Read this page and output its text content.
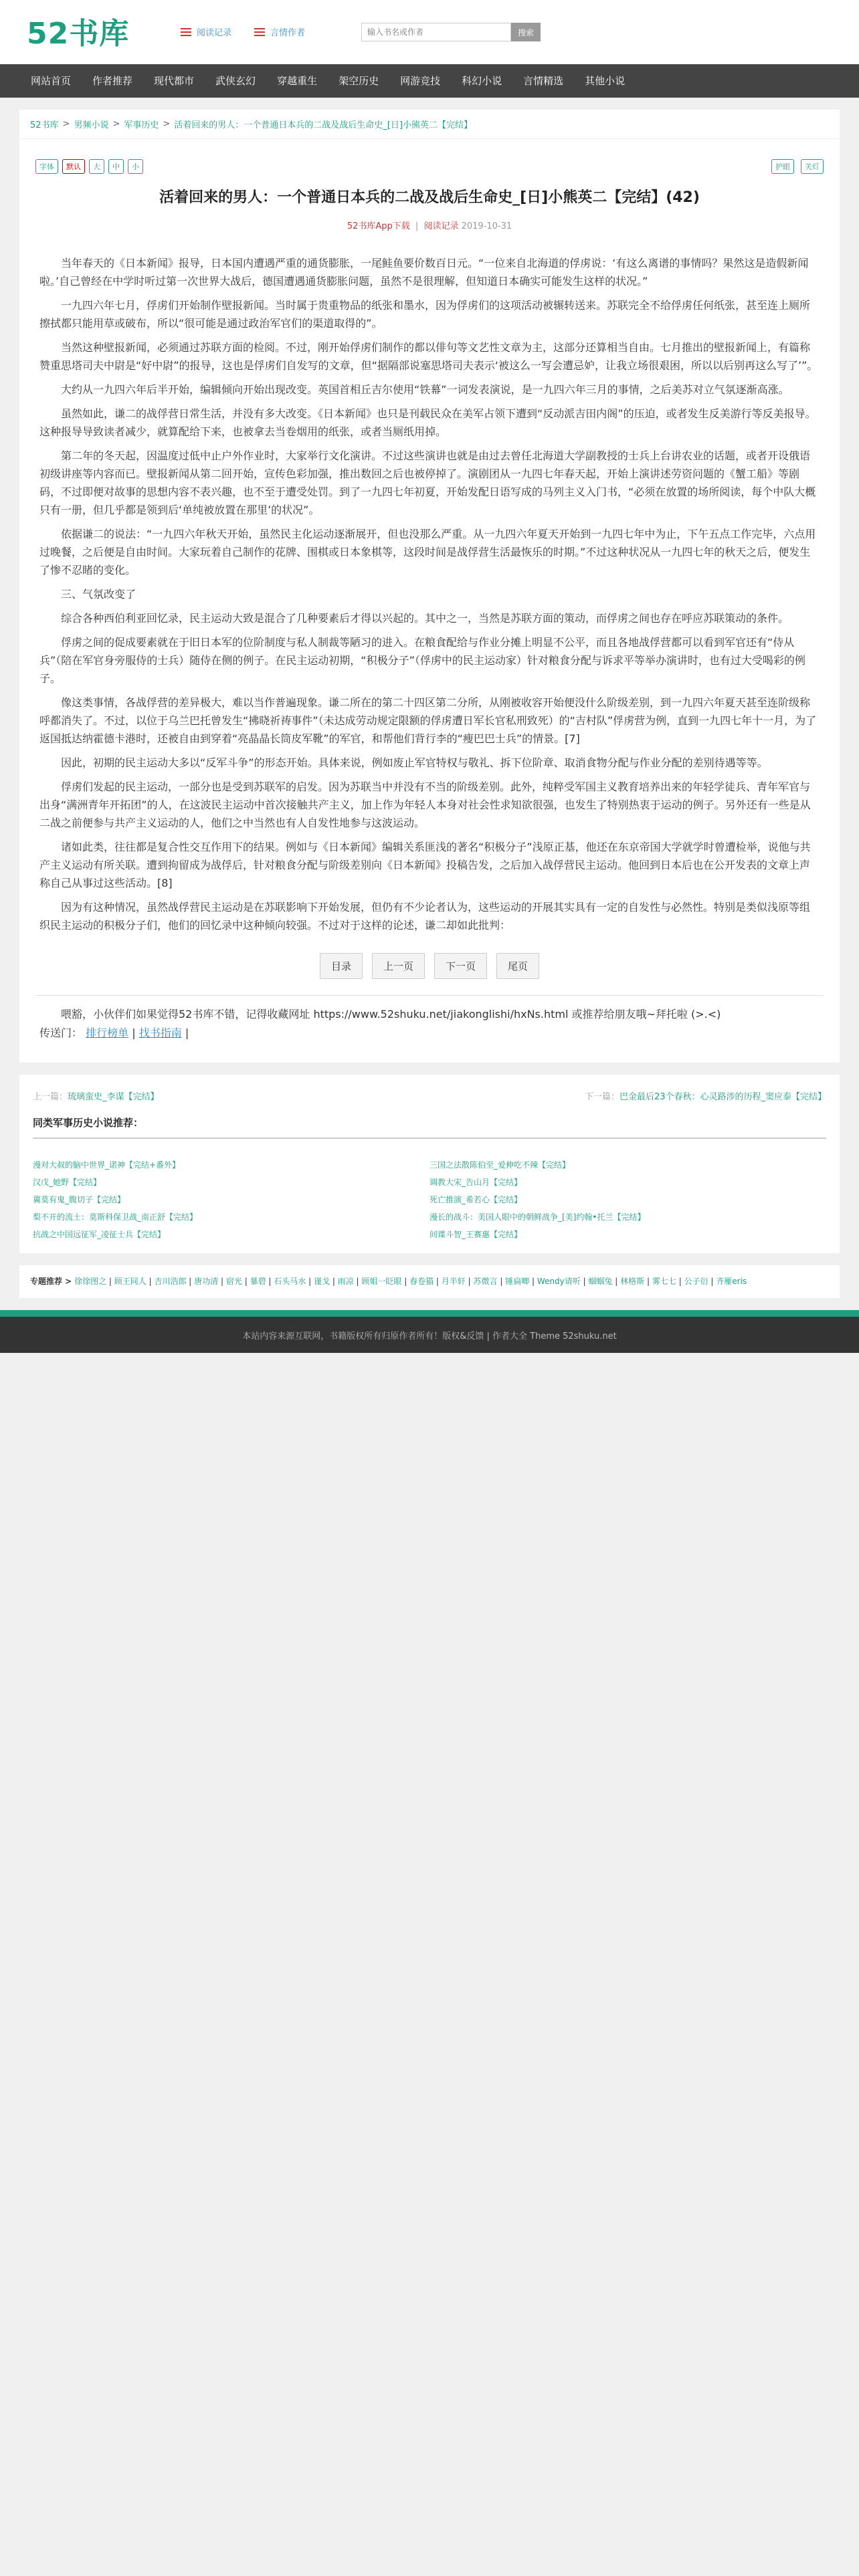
52书库	阅读记录	言情作者
输入书名或作者	搜索
网站首页	作者推荐	现代都市	武侠玄幻	穿越重生	架空历史	网游竞技	科幻小说	言情精选	其他小说
52书库 > 男频小说 > 军事历史 > 活着回来的男人：一个普通日本兵的二战及战后生命史_[日]小熊英二【完结】
字体	默认	大	中	小	护眼	关灯
活着回来的男人：一个普通日本兵的二战及战后生命史_[日]小熊英二【完结】(42)
52书库App下载 | 阅读记录 2019-10-31

当年春天的《日本新闻》报导，日本国内遭遇严重的通货膨胀，一尾鲑鱼要价数百日元。“一位来自北海道的俘虏说：‘有这么离谱的事情吗？果然这是造假新闻啦。’自己曾经在中学时听过第一次世界大战后，德国遭遇通货膨胀问题，虽然不是很理解，但知道日本确实可能发生这样的状况。”

一九四六年七月，俘虏们开始制作壁报新闻。当时属于贵重物品的纸张和墨水，因为俘虏们的这项活动被辗转送来。苏联完全不给俘虏任何纸张，甚至连上厕所擦拭都只能用草或破布，所以“很可能是通过政治军官们的渠道取得的”。

当然这种壁报新闻，必须通过苏联方面的检阅。不过，刚开始俘虏们制作的都以俳句等文艺性文章为主，这部分还算相当自由。七月推出的壁报新闻上，有篇称赞重思塔司夫中尉是“好中尉”的报导，这也是俘虏们自发写的文章，但“据隔部说塞思塔司夫表示‘被这么一写会遭忌妒，让我立场很艰困，所以以后别再这么写了’”。

大约从一九四六年后半开始，编辑倾向开始出现改变。英国首相丘吉尔使用“铁幕”一词发表演说，是一九四六年三月的事情，之后美苏对立气氛逐渐高涨。

虽然如此，谦二的战俘营日常生活，并没有多大改变。《日本新闻》也只是刊载民众在美军占领下遭到“反动派吉田内阁”的压迫，或者发生反美游行等反美报导。这种报导导致读者减少，就算配给下来，也被拿去当卷烟用的纸张，或者当厕纸用掉。

第二年的冬天起，因温度过低中止户外作业时，大家举行文化演讲。不过这些演讲也就是由过去曾任北海道大学副教授的士兵上台讲农业的话题，或者开设俄语初级讲座等内容而已。壁报新闻从第二回开始，宣传色彩加强，推出数回之后也被停掉了。演剧团从一九四七年春天起，开始上演讲述劳资问题的《蟹工船》等剧码，不过即便对故事的思想内容不表兴趣，也不至于遭受处罚。到了一九四七年初夏，开始发配日语写成的马列主义入门书，“必须在放置的场所阅读，每个中队大概只有一册，但几乎都是领到后‘单纯被放置在那里’的状况”。

依据谦二的说法：“一九四六年秋天开始，虽然民主化运动逐渐展开，但也没那么严重。从一九四六年夏天开始到一九四七年中为止，下午五点工作完毕，六点用过晚餐，之后便是自由时间。大家玩着自己制作的花牌、围棋或日本象棋等，这段时间是战俘营生活最恢乐的时期。”不过这种状况从一九四七年的秋天之后，便发生了惨不忍睹的变化。

三、气氛改变了

综合各种西伯利亚回忆录，民主运动大致是混合了几种要素后才得以兴起的。其中之一，当然是苏联方面的策动，而俘虏之间也存在呼应苏联策动的条件。

俘虏之间的促成要素就在于旧日本军的位阶制度与私人制裁等陋习的进入。在粮食配给与作业分摊上明显不公平，而且各地战俘营都可以看到军官还有“侍从兵”（陪在军官身旁服侍的士兵）随侍在侧的例子。在民主运动初期，“积极分子”（俘虏中的民主运动家）针对粮食分配与诉求平等举办演讲时，也有过大受喝彩的例子。

像这类事情，各战俘营的差异极大，难以当作普遍现象。谦二所在的第二十四区第二分所，从刚被收容开始便没什么阶级差别，到一九四六年夏天甚至连阶级称呼都消失了。不过，以位于乌兰巴托曾发生“拂晓祈祷事件”（未达成劳动规定限额的俘虏遭日军长官私刑致死）的“吉村队”俘虏营为例，直到一九四七年十一月，为了返国抵达纳霍德卡港时，还被自由到穿着“亮晶晶长筒皮军靴”的军官，和帮他们背行李的“瘦巴巴士兵”的情景。[7]

因此，初期的民主运动大多以“反军斗争”的形态开始。具体来说，例如废止军官特权与敬礼、拆下位阶章、取消食物分配与作业分配的差别待遇等等。

俘虏们发起的民主运动，一部分也是受到苏联军的启发。因为苏联当中并没有不当的阶级差别。此外，纯粹受军国主义教育培养出来的年轻学徒兵、青年军官与出身“满洲青年开拓团”的人，在这波民主运动中首次接触共产主义，加上作为年轻人本身对社会性求知欲很强，也发生了特别热衷于运动的例子。另外还有一些是从二战之前便参与共产主义运动的人，他们之中当然也有人自发性地参与这波运动。

诸如此类，往往都是复合性交互作用下的结果。例如与《日本新闻》编辑关系匪浅的著名“积极分子”浅原正基，他还在东京帝国大学就学时曾遭检举，说他与共产主义运动有所关联。遭到拘留成为战俘后，针对粮食分配与阶级差别向《日本新闻》投稿告发，之后加入战俘营民主运动。他回到日本后也在公开发表的文章上声称自己从事过这些活动。[8]

因为有这种情况，虽然战俘营民主运动是在苏联影响下开始发展，但仍有不少论者认为，这些运动的开展其实具有一定的自发性与必然性。特别是类似浅原等组织民主运动的积极分子们，他们的回忆录中这种倾向较强。不过对于这样的论述，谦二却如此批判：

目录	上一页	下一页	尾页

喂豁，小伙伴们如果觉得52书库不错，记得收藏网址 https://www.52shuku.net/jiakonglishi/hxNs.html 或推荐给朋友哦~拜托啦 (>.<)

传送门： 排行榜单 | 找书指南 |
上一篇：琉璃蛮史_李谋【完结】	下一篇：巴金最后23个春秋：心灵路涉的历程_窦应泰【完结】
同类军事历史小说推荐：
漫对大叔的脑中世界_诺神【完结+番外】	三国之法散陈伯至_爱伸吃不辣【完结】
汉戊_她野【完结】	调教大宋_告山月【完结】
冀莫有鬼_腹切子【完结】	死亡推演_希若心【完结】
梨不开的流士：莫斯科保卫战_南正舒【完结】	漫长的战斗：美国人眼中的朝鲜战争_[美]约翰•托兰【完结】
抗战之中国远征军_凌征士兵【完结】	间谍斗智_王赛惠【完结】
专题推荐 > 徐徐图之 | 顾王同人 | 吉川浩郎 | 唐功清 | 宿光 | 暴碧 | 石头马水 | 谨戈 | 雨凉 | 顾姐一眨眼 | 春卷猫 | 月半轩 | 苏微言 | 锤扁唧 | Wendy请听 | 蝈蝈兔 | 林格斯 | 雾七七 | 公子衍 | 齐雁eris
本站内容来源互联网，书籍版权所有归原作者所有！版权&反馈 | 作者大全 Theme 52shuku.net
